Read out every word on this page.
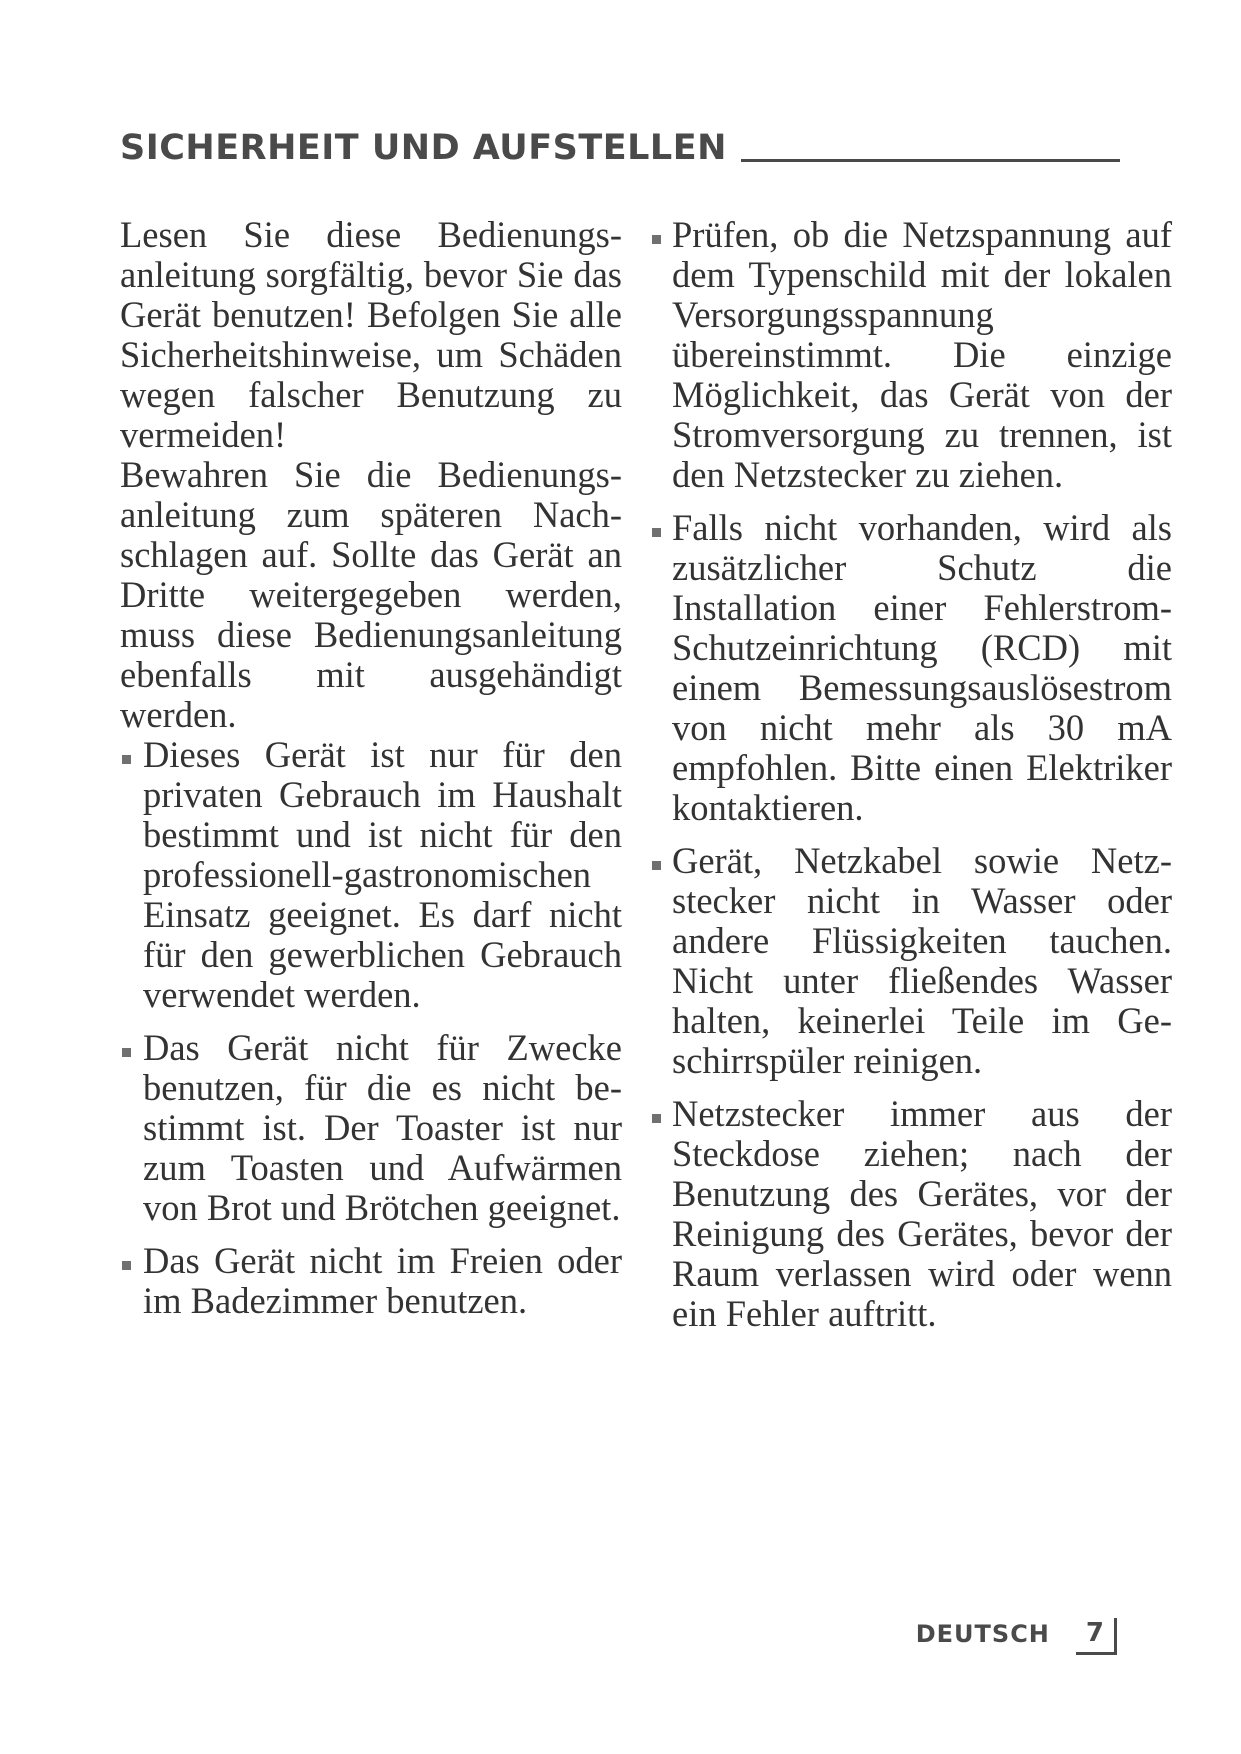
SICHERHEIT UND AUFSTELLEN

Lesen Sie diese Bedienungsanleitung sorgfältig, bevor Sie das Gerät benutzen! Befolgen Sie alle Sicherheitshinweise, um Schäden wegen falscher Benutzung zu vermeiden!

Bewahren Sie die Bedienungsanleitung zum späteren Nachschlagen auf. Sollte das Gerät an Dritte weitergegeben werden, muss diese Bedienungsanleitung ebenfalls mit ausgehändigt werden.

Dieses Gerät ist nur für den privaten Gebrauch im Haushalt bestimmt und ist nicht für den professionell-gastronomischen Einsatz geeignet. Es darf nicht für den gewerblichen Gebrauch verwendet werden.

Das Gerät nicht für Zwecke benutzen, für die es nicht bestimmt ist. Der Toaster ist nur zum Toasten und Aufwärmen von Brot und Brötchen geeignet.

Das Gerät nicht im Freien oder im Badezimmer benutzen.

Prüfen, ob die Netzspannung auf dem Typenschild mit der lokalen Versorgungsspannung übereinstimmt. Die einzige Möglichkeit, das Gerät von der Stromversorgung zu trennen, ist den Netzstecker zu ziehen.

Falls nicht vorhanden, wird als zusätzlicher Schutz die Installation einer Fehlerstrom-Schutzeinrichtung (RCD) mit einem Bemessungsauslösestrom von nicht mehr als 30 mA empfohlen. Bitte einen Elektriker kontaktieren.

Gerät, Netzkabel sowie Netzstecker nicht in Wasser oder andere Flüssigkeiten tauchen. Nicht unter fließendes Wasser halten, keinerlei Teile im Geschirrspüler reinigen.

Netzstecker immer aus der Steckdose ziehen; nach der Benutzung des Gerätes, vor der Reinigung des Gerätes, bevor der Raum verlassen wird oder wenn ein Fehler auftritt.

DEUTSCH	7
